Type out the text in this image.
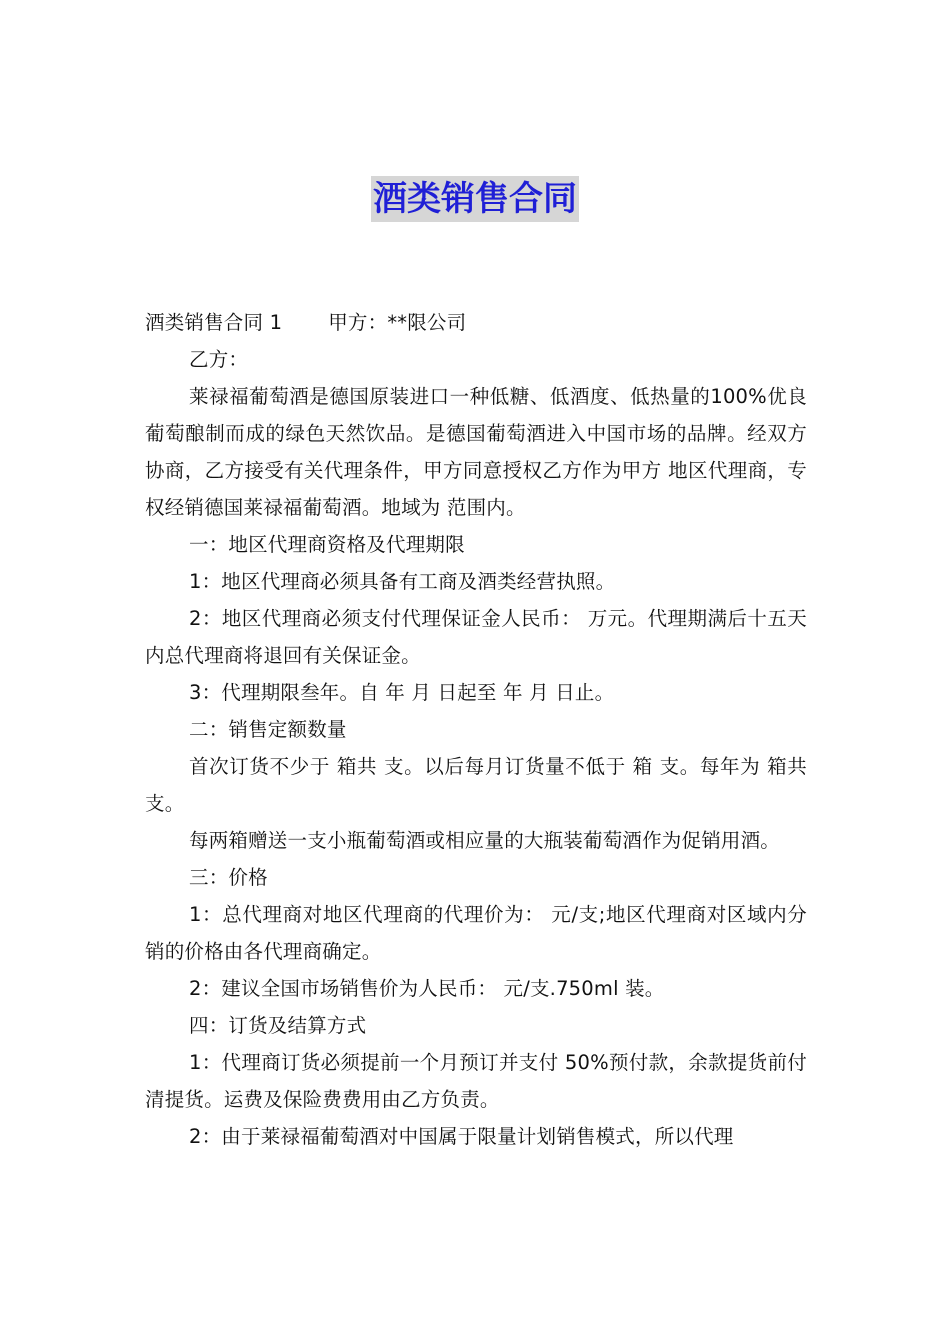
酒类销售合同

酒类销售合同 1 甲方：**限公司

乙方：

莱禄福葡萄酒是德国原装进口一种低糖、低酒度、低热量的100%优良葡萄酿制而成的绿色天然饮品。是德国葡萄酒进入中国市场的品牌。经双方协商，乙方接受有关代理条件，甲方同意授权乙方作为甲方 地区代理商，专权经销德国莱禄福葡萄酒。地域为 范围内。

一：地区代理商资格及代理期限

1：地区代理商必须具备有工商及酒类经营执照。

2：地区代理商必须支付代理保证金人民币： 万元。代理期满后十五天内总代理商将退回有关保证金。

3：代理期限叁年。自 年 月 日起至 年 月 日止。

二：销售定额数量

首次订货不少于 箱共 支。以后每月订货量不低于 箱 支。每年为 箱共 支。

每两箱赠送一支小瓶葡萄酒或相应量的大瓶装葡萄酒作为促销用酒。

三：价格

1：总代理商对地区代理商的代理价为： 元/支;地区代理商对区域内分销的价格由各代理商确定。

2：建议全国市场销售价为人民币： 元/支.750ml 装。

四：订货及结算方式

1：代理商订货必须提前一个月预订并支付 50%预付款，余款提货前付清提货。运费及保险费费用由乙方负责。

2：由于莱禄福葡萄酒对中国属于限量计划销售模式，所以代理
